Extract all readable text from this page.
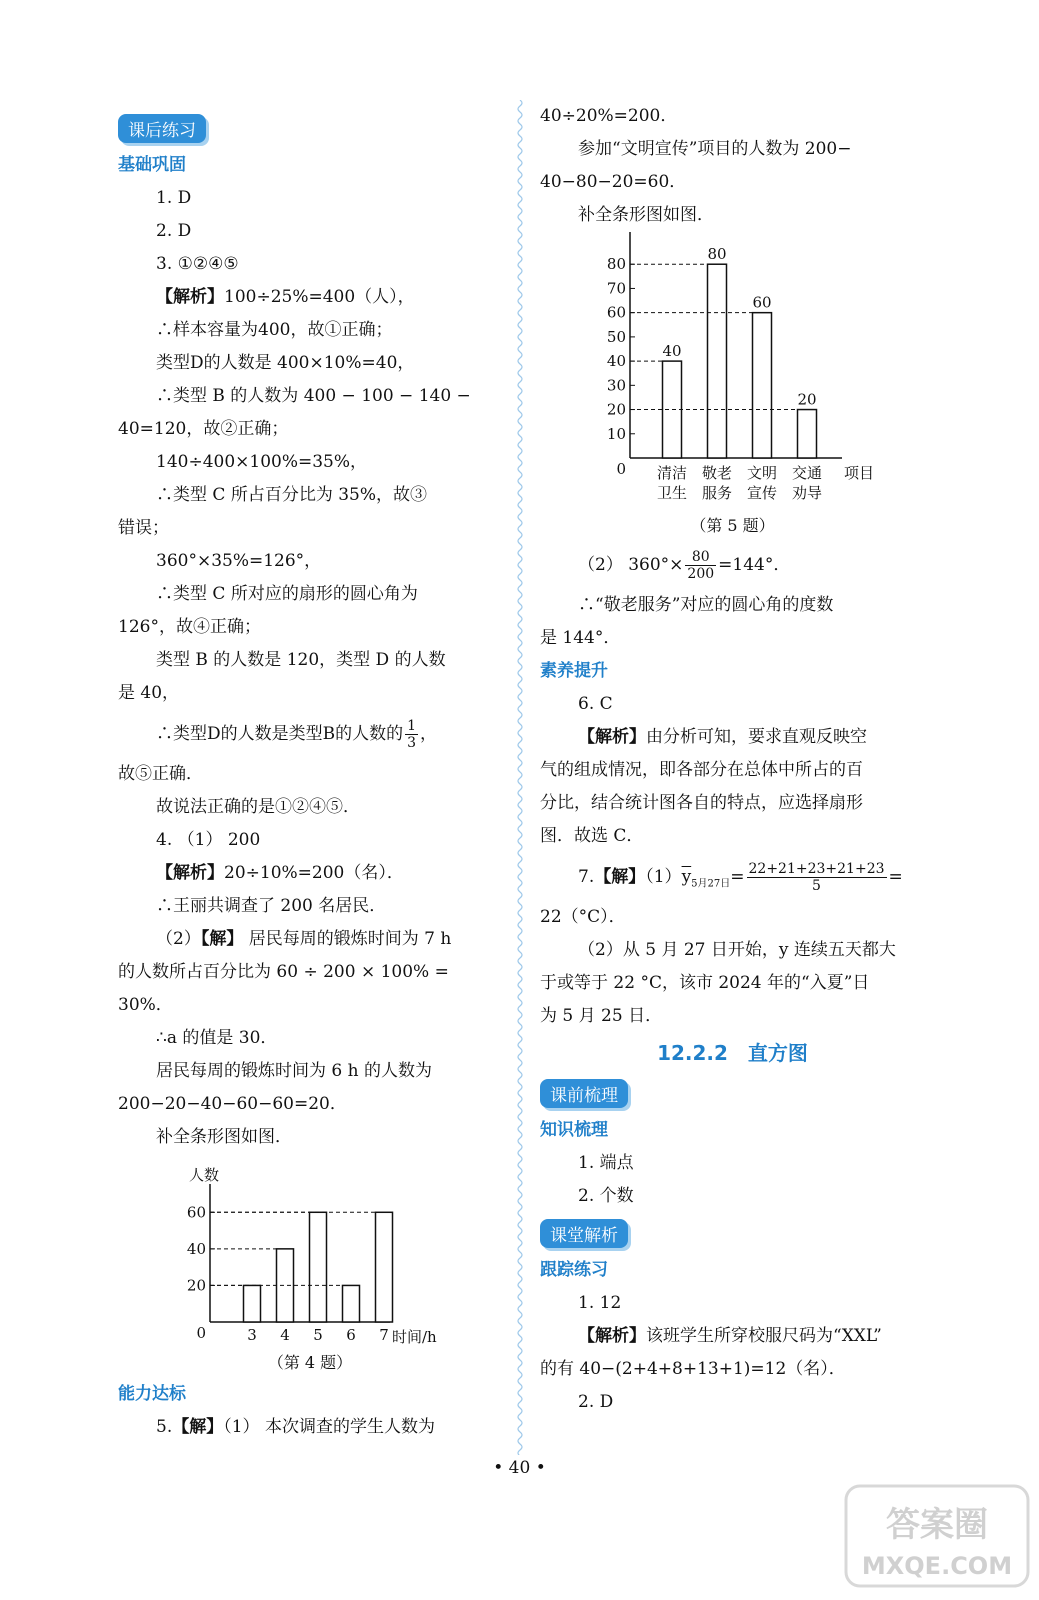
课后练习
基础巩固
1. D
2. D
3. ①②④⑤
【解析】100÷25%=400（人），
∴样本容量为400，故①正确；
类型D的人数是 400×10%=40，
∴类型 B 的人数为 400 − 100 − 140 −
40=120，故②正确；
140÷400×100%=35%，
∴类型 C 所占百分比为 35%，故③
错误；
360°×35%=126°，
∴类型 C 所对应的扇形的圆心角为
126°，故④正确；
类型 B 的人数是 120，类型 D 的人数
是 40，
∴类型D的人数是类型B的人数的 $\frac{1}{3}$ ，
故⑤正确．
故说法正确的是①②④⑤．
4. （1） 200
【解析】20÷10%=200（名）．
∴王丽共调查了 200 名居民．
（2）【解】 居民每周的锻炼时间为 7 h
的人数所占百分比为 60 ÷ 200 × 100% =
30%．
∴a 的值是 30．
居民每周的锻炼时间为 6 h 的人数为
200−20−40−60−60=20．
补全条形图如图．
人数
0
20
40
60
3 4 5 6 7 时间/h
（第 4 题）
能力达标
5.【解】（1） 本次调查的学生人数为
40÷20%=200．
参加“文明宣传”项目的人数为 200−
40−80−20=60．
补全条形图如图．
0
10
20
30
40
50
60
70
80
40
清洁
卫生
80
敬老
服务
60
文明
宣传
20
交通
劝导
项目
（第 5 题）
（2） $360^\circ\times \frac{80}{200} =144^\circ$．
∴“敬老服务”对应的圆心角的度数
是 144°．
素养提升
6. C
【解析】由分析可知，要求直观反映空
气的组成情况，即各部分在总体中所占的百
分比，结合统计图各自的特点，应选择扇形
图．故选 C．
7.【解】$(1)\overline{y}_{5月27日}= \frac{22+21+23+21+23}{5}$ =
22（°C）．
（2）从 5 月 27 日开始，y 连续五天都大
于或等于 22 °C，该市 2024 年的“入夏”日
为 5 月 25 日．
12.2.2　直方图
课前梳理
知识梳理
1. 端点
2. 个数
课堂解析
跟踪练习
1. 12
【解析】该班学生所穿校服尺码为“XXL”
的有 40−(2+4+8+13+1)=12（名）．
2. D
• 40 •
答案圈
MXQE.COM
